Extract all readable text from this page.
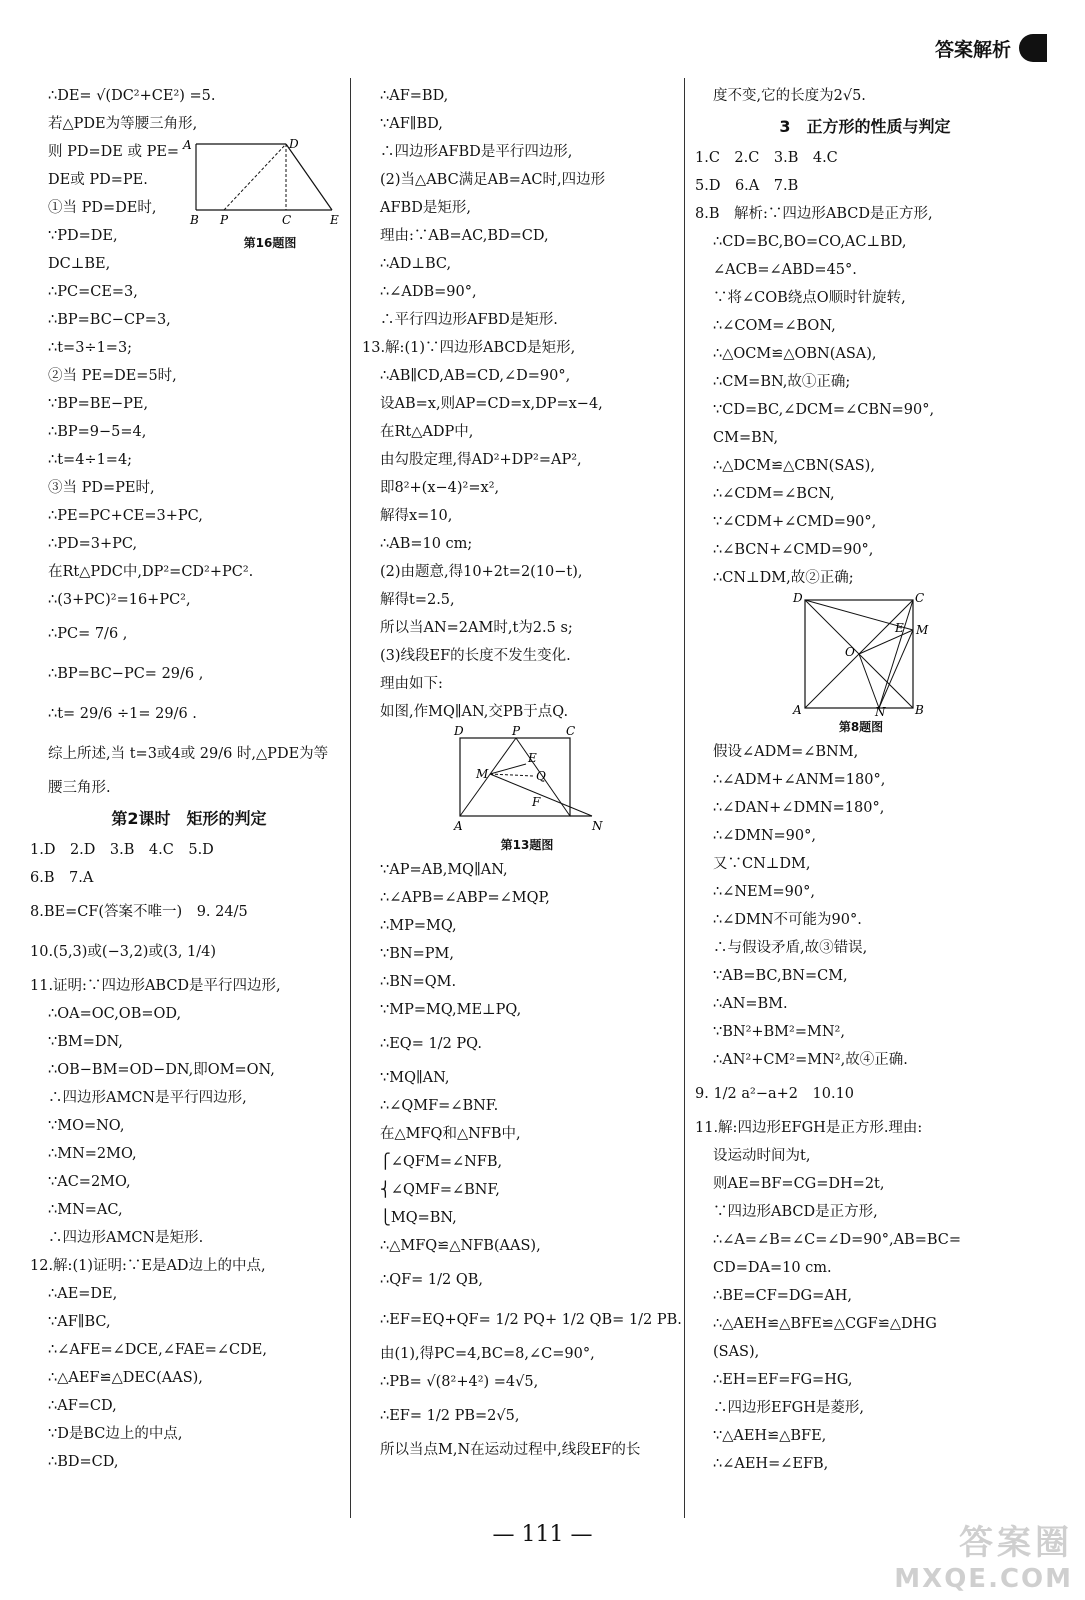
答案解析
∴DE= √(DC²+CE²) =5.
若△PDE为等腰三角形,
则 PD=DE 或 PE=
DE或 PD=PE.
①当 PD=DE时,
∵PD=DE,
DC⊥BE,
∴PC=CE=3,
∴BP=BC−CP=3,
∴t=3÷1=3;
②当 PE=DE=5时,
∵BP=BE−PE,
∴BP=9−5=4,
∴t=4÷1=4;
③当 PD=PE时,
∴PE=PC+CE=3+PC,
∴PD=3+PC,
在Rt△PDC中,DP²=CD²+PC².
∴(3+PC)²=16+PC²,
∴PC= 7/6 ,
∴BP=BC−PC= 29/6 ,
∴t= 29/6 ÷1= 29/6 .
综上所述,当 t=3或4或 29/6 时,△PDE为等
腰三角形.
A	D
B P	C	E
第16题图
第2课时　矩形的判定
1.D　2.D　3.B　4.C　5.D
6.B　7.A
8.BE=CF(答案不唯一)　9. 24/5
10.(5,3)或(−3,2)或(3, 1/4)
11.证明:∵四边形ABCD是平行四边形,
∴OA=OC,OB=OD,
∵BM=DN,
∴OB−BM=OD−DN,即OM=ON,
∴四边形AMCN是平行四边形,
∵MO=NO,
∴MN=2MO,
∵AC=2MO,
∴MN=AC,
∴四边形AMCN是矩形.
12.解:(1)证明:∵E是AD边上的中点,
∴AE=DE,
∵AF∥BC,
∴∠AFE=∠DCE,∠FAE=∠CDE,
∴△AEF≌△DEC(AAS),
∴AF=CD,
∵D是BC边上的中点,
∴BD=CD,
∴AF=BD,
∵AF∥BD,
∴四边形AFBD是平行四边形,
(2)当△ABC满足AB=AC时,四边形
AFBD是矩形,
理由:∵AB=AC,BD=CD,
∴AD⊥BC,
∴∠ADB=90°,
∴平行四边形AFBD是矩形.
13.解:(1)∵四边形ABCD是矩形,
∴AB∥CD,AB=CD,∠D=90°,
设AB=x,则AP=CD=x,DP=x−4,
在Rt△ADP中,
由勾股定理,得AD²+DP²=AP²,
即8²+(x−4)²=x²,
解得x=10,
∴AB=10 cm;
(2)由题意,得10+2t=2(10−t),
解得t=2.5,
所以当AN=2AM时,t为2.5 s;
(3)线段EF的长度不发生变化.
理由如下:
如图,作MQ∥AN,交PB于点Q.
D	P	C
E
M	Q
F
A	N
第13题图
∵AP=AB,MQ∥AN,
∴∠APB=∠ABP=∠MQP,
∴MP=MQ,
∵BN=PM,
∴BN=QM.
∵MP=MQ,ME⊥PQ,
∴EQ= 1/2 PQ.
∵MQ∥AN,
∴∠QMF=∠BNF.
在△MFQ和△NFB中,
⎧∠QFM=∠NFB,
⎨∠QMF=∠BNF,
⎩MQ=BN,
∴△MFQ≌△NFB(AAS),
∴QF= 1/2 QB,
∴EF=EQ+QF= 1/2 PQ+ 1/2 QB= 1/2 PB.
由(1),得PC=4,BC=8,∠C=90°,
∴PB= √(8²+4²) =4√5,
∴EF= 1/2 PB=2√5,
所以当点M,N在运动过程中,线段EF的长
度不变,它的长度为2√5.
3　正方形的性质与判定
1.C　2.C　3.B　4.C
5.D　6.A　7.B
8.B　解析:∵四边形ABCD是正方形,
∴CD=BC,BO=CO,AC⊥BD,
∠ACB=∠ABD=45°.
∵将∠COB绕点O顺时针旋转,
∴∠COM=∠BON,
∴△OCM≌△OBN(ASA),
∴CM=BN,故①正确;
∵CD=BC,∠DCM=∠CBN=90°,
CM=BN,
∴△DCM≌△CBN(SAS),
∴∠CDM=∠BCN,
∵∠CDM+∠CMD=90°,
∴∠BCN+∠CMD=90°,
∴CN⊥DM,故②正确;
D	C
E M
O
A	N B
第8题图
假设∠ADM=∠BNM,
∴∠ADM+∠ANM=180°,
∴∠DAN+∠DMN=180°,
∴∠DMN=90°,
又∵CN⊥DM,
∴∠NEM=90°,
∴∠DMN不可能为90°.
∴与假设矛盾,故③错误,
∵AB=BC,BN=CM,
∴AN=BM.
∵BN²+BM²=MN²,
∴AN²+CM²=MN²,故④正确.
9. 1/2 a²−a+2　10.10
11.解:四边形EFGH是正方形.理由:
设运动时间为t,
则AE=BF=CG=DH=2t,
∵四边形ABCD是正方形,
∴∠A=∠B=∠C=∠D=90°,AB=BC=
CD=DA=10 cm.
∴BE=CF=DG=AH,
∴△AEH≌△BFE≌△CGF≌△DHG
(SAS),
∴EH=EF=FG=HG,
∴四边形EFGH是菱形,
∵△AEH≌△BFE,
∴∠AEH=∠EFB,
— 111 —	答案圈
MXQE.COM
